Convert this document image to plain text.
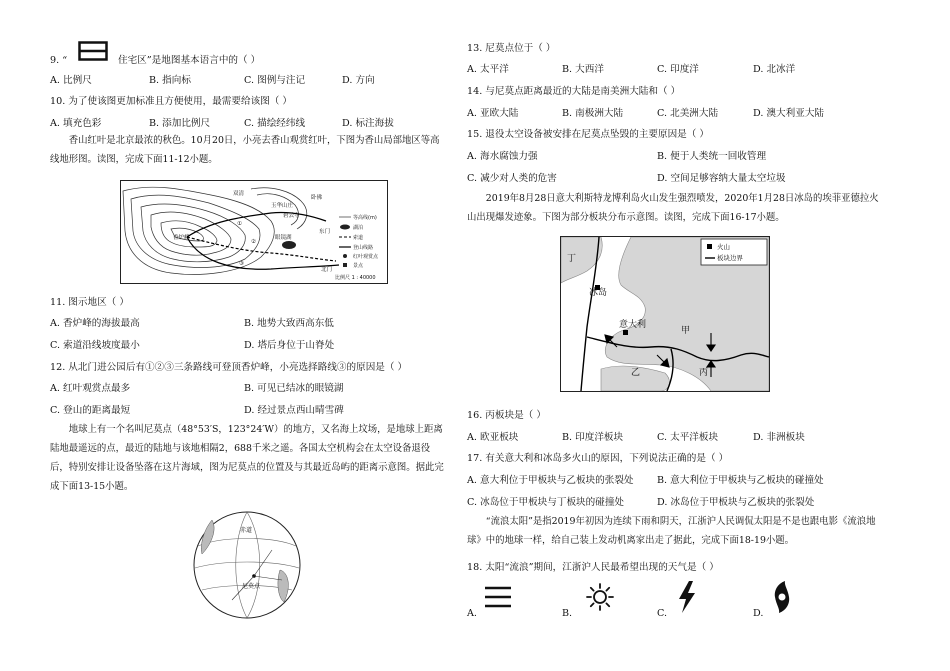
9. “	住宅区”是地图基本语言中的（ ）
A. 比例尺	B. 指向标	C. 图例与注记	D. 方向
10. 为了使该图更加标准且方便使用，最需要给该图（ ）
A. 填充色彩	B. 添加比例尺	C. 描绘经纬线	D. 标注海拔
香山红叶是北京最浓的秋色。10月20日，小亮去香山观赏红叶，下图为香山局部地区等高线地形图。读图，完成下面11-12小题。
香炉峰
①
②
③
眼镜湖
玉华山庄
双清
碧云寺
卧佛
东门
北门
等高线(m)
湖泊
索道
登山线路
红叶观赏点
景点
比例尺 1 : 40000
11. 图示地区（ ）
A. 香炉峰的海拔最高	B. 地势大致西高东低
C. 索道沿线坡度最小	D. 塔后身位于山脊处
12. 从北门进公园后有①②③三条路线可登顶香炉峰，小亮选择路线③的原因是（ ）
A. 红叶观赏点最多	B. 可见已结冰的眼镜湖
C. 登山的距离最短	D. 经过景点西山晴雪碑
地球上有一个名叫尼莫点（48°53′S，123°24′W）的地方，又名海上坟场，是地球上距离陆地最遥远的点，最近的陆地与该地相隔2，688千米之遥。各国太空机构会在太空设备退役后，特别安排让设备坠落在这片海域，图为尼莫点的位置及与其最近岛屿的距离示意图。据此完成下面13-15小题。
赤道
尼莫点
13. 尼莫点位于（ ）
A. 太平洋	B. 大西洋	C. 印度洋	D. 北冰洋
14. 与尼莫点距离最近的大陆是南美洲大陆和（ ）
A. 亚欧大陆	B. 南极洲大陆	C. 北美洲大陆	D. 澳大利亚大陆
15. 退役太空设备被安排在尼莫点坠毁的主要原因是（ ）
A. 海水腐蚀力强	B. 便于人类统一回收管理
C. 减少对人类的危害	D. 空间足够容纳大量太空垃圾
2019年8月28日意大利斯特龙博利岛火山发生强烈喷发，2020年1月28日冰岛的埃菲亚德拉火山出现爆发迹象。下图为部分板块分布示意图。读图，完成下面16-17小题。
丁
冰岛
意大利
甲
乙	丙
火山
板块边界
16. 丙板块是（ ）
A. 欧亚板块	B. 印度洋板块	C. 太平洋板块	D. 非洲板块
17. 有关意大利和冰岛多火山的原因，下列说法正确的是（ ）
A. 意大利位于甲板块与乙板块的张裂处 B. 意大利位于甲板块与乙板块的碰撞处
C. 冰岛位于甲板块与丁板块的碰撞处	D. 冰岛位于甲板块与乙板块的张裂处
“流浪太阳”是指2019年初因为连续下雨和阴天，江浙沪人民调侃太阳是不是也跟电影《流浪地球》中的地球一样，给自己装上发动机离家出走了据此，完成下面18-19小题。
18. 太阳“流浪”期间，江浙沪人民最希望出现的天气是（ ）
A.	B.	C.	D.
